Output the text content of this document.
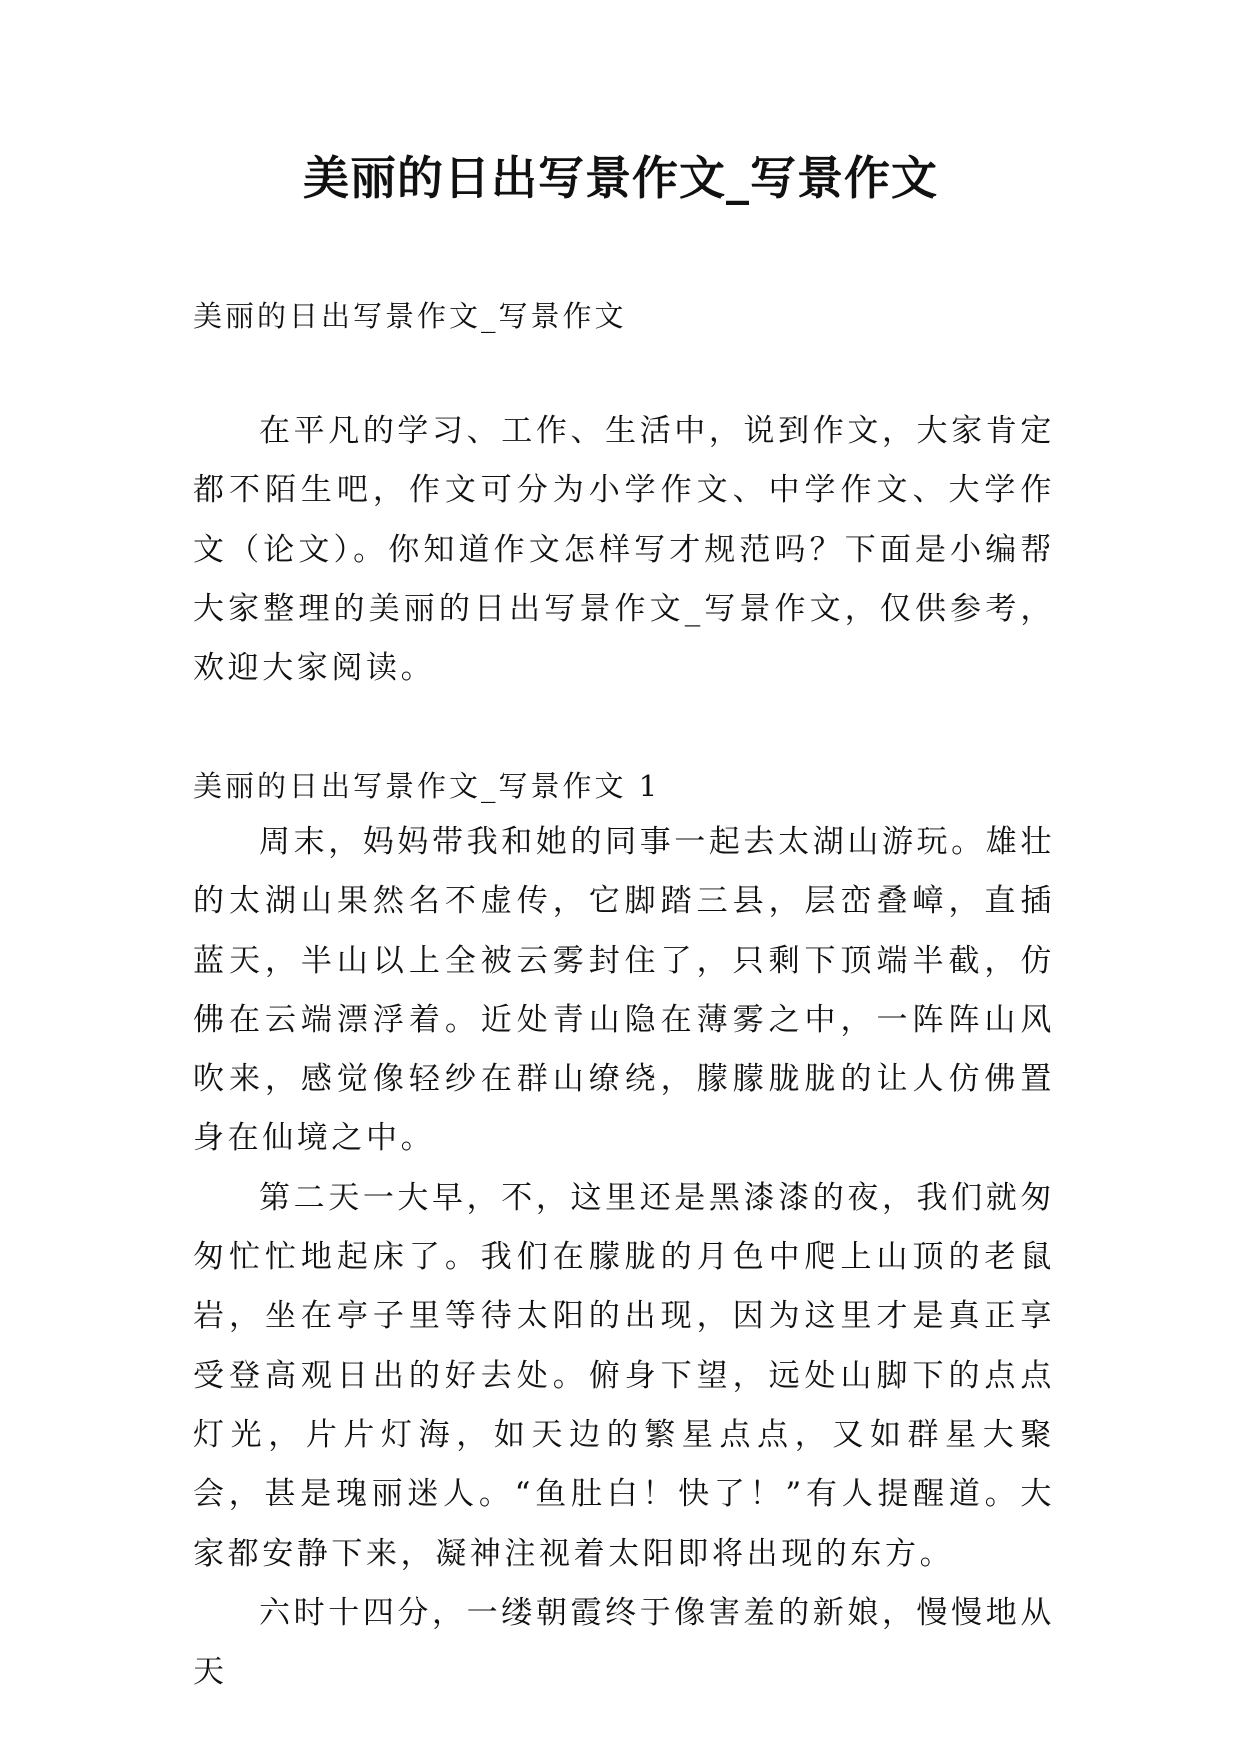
美丽的日出写景作文_写景作文
美丽的日出写景作文_写景作文

在平凡的学习、工作、生活中，说到作文，大家肯定都不陌生吧，作文可分为小学作文、中学作文、大学作文（论文）。你知道作文怎样写才规范吗？下面是小编帮大家整理的美丽的日出写景作文_写景作文，仅供参考，欢迎大家阅读。

美丽的日出写景作文_写景作文 1

周末，妈妈带我和她的同事一起去太湖山游玩。雄壮的太湖山果然名不虚传，它脚踏三县，层峦叠嶂，直插蓝天，半山以上全被云雾封住了，只剩下顶端半截，仿佛在云端漂浮着。近处青山隐在薄雾之中，一阵阵山风吹来，感觉像轻纱在群山缭绕，朦朦胧胧的让人仿佛置身在仙境之中。

第二天一大早，不，这里还是黑漆漆的夜，我们就匆匆忙忙地起床了。我们在朦胧的月色中爬上山顶的老鼠岩，坐在亭子里等待太阳的出现，因为这里才是真正享受登高观日出的好去处。俯身下望，远处山脚下的点点灯光，片片灯海，如天边的繁星点点，又如群星大聚会，甚是瑰丽迷人。“鱼肚白！快了！”有人提醒道。大家都安静下来，凝神注视着太阳即将出现的东方。

六时十四分，一缕朝霞终于像害羞的新娘，慢慢地从天
